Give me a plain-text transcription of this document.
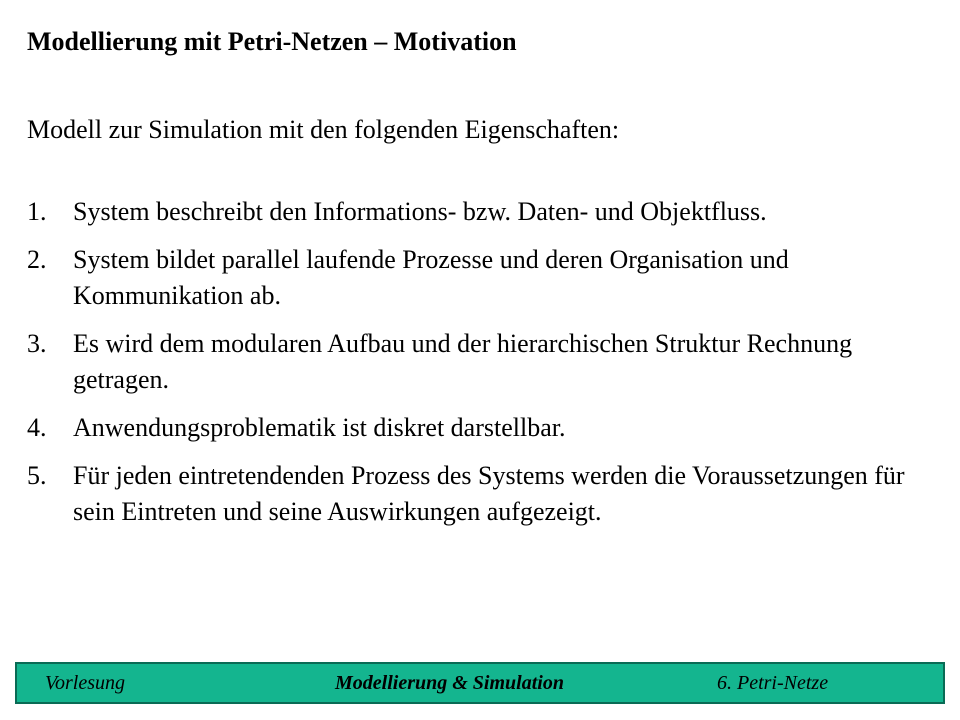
Modellierung mit Petri-Netzen – Motivation
Modell zur Simulation mit den folgenden Eigenschaften:
1.	System beschreibt den Informations- bzw. Daten- und Objektfluss.
2.	System bildet parallel laufende Prozesse und deren Organisation und Kommunikation ab.
3.	Es wird dem modularen Aufbau und der hierarchischen Struktur Rechnung getragen.
4.	Anwendungsproblematik ist diskret darstellbar.
5.	Für jeden eintretendenden Prozess des Systems werden die Voraussetzungen für sein Eintreten und seine Auswirkungen aufgezeigt.
Vorlesung	Modellierung & Simulation	6. Petri-Netze
